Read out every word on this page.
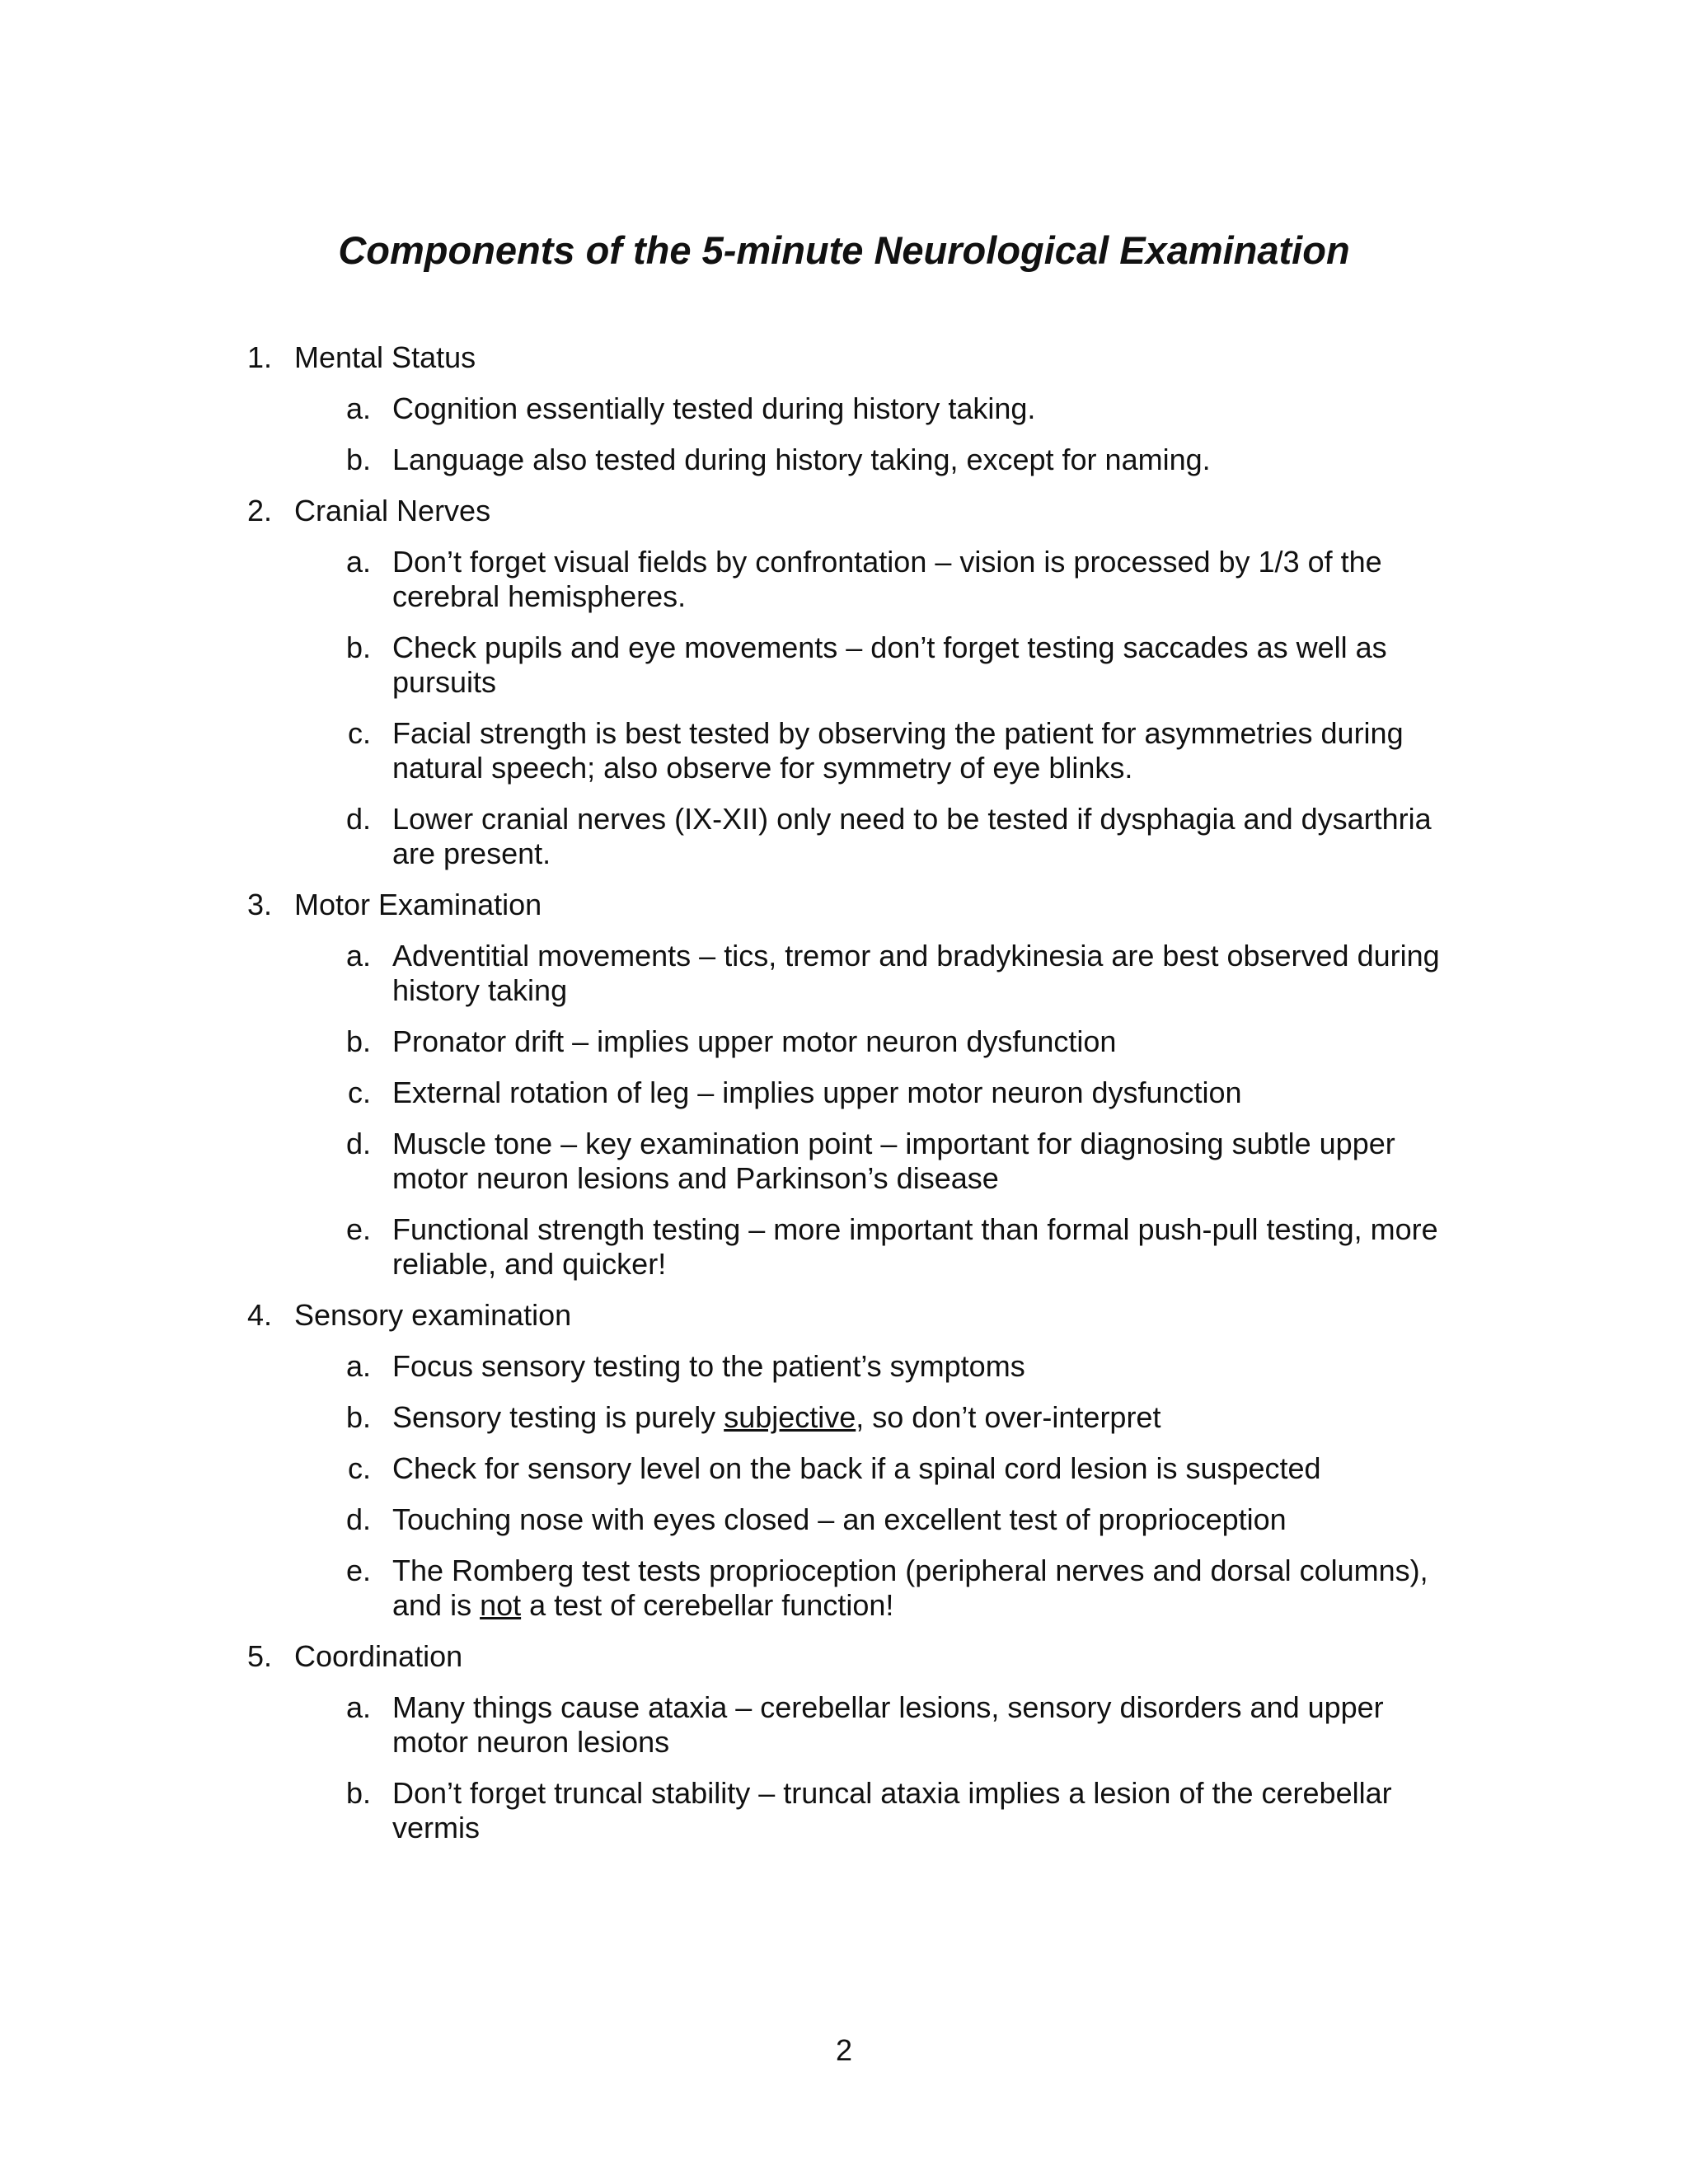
Components of the 5-minute Neurological Examination
1. Mental Status
a. Cognition essentially tested during history taking.
b. Language also tested during history taking, except for naming.
2. Cranial Nerves
a. Don’t forget visual fields by confrontation – vision is processed by 1/3 of the
cerebral hemispheres.
b. Check pupils and eye movements – don’t forget testing saccades as well as
pursuits
c. Facial strength is best tested by observing the patient for asymmetries during
natural speech; also observe for symmetry of eye blinks.
d. Lower cranial nerves (IX-XII) only need to be tested if dysphagia and dysarthria
are present.
3. Motor Examination
a. Adventitial movements – tics, tremor and bradykinesia are best observed during
history taking
b. Pronator drift – implies upper motor neuron dysfunction
c. External rotation of leg – implies upper motor neuron dysfunction
d. Muscle tone – key examination point – important for diagnosing subtle upper
motor neuron lesions and Parkinson’s disease
e. Functional strength testing – more important than formal push-pull testing, more
reliable, and quicker!
4. Sensory examination
a. Focus sensory testing to the patient’s symptoms
b. Sensory testing is purely subjective, so don’t over-interpret
c. Check for sensory level on the back if a spinal cord lesion is suspected
d. Touching nose with eyes closed – an excellent test of proprioception
e. The Romberg test tests proprioception (peripheral nerves and dorsal columns),
and is not a test of cerebellar function!
5. Coordination
a. Many things cause ataxia – cerebellar lesions, sensory disorders and upper
motor neuron lesions
b. Don’t forget truncal stability – truncal ataxia implies a lesion of the cerebellar
vermis
2
